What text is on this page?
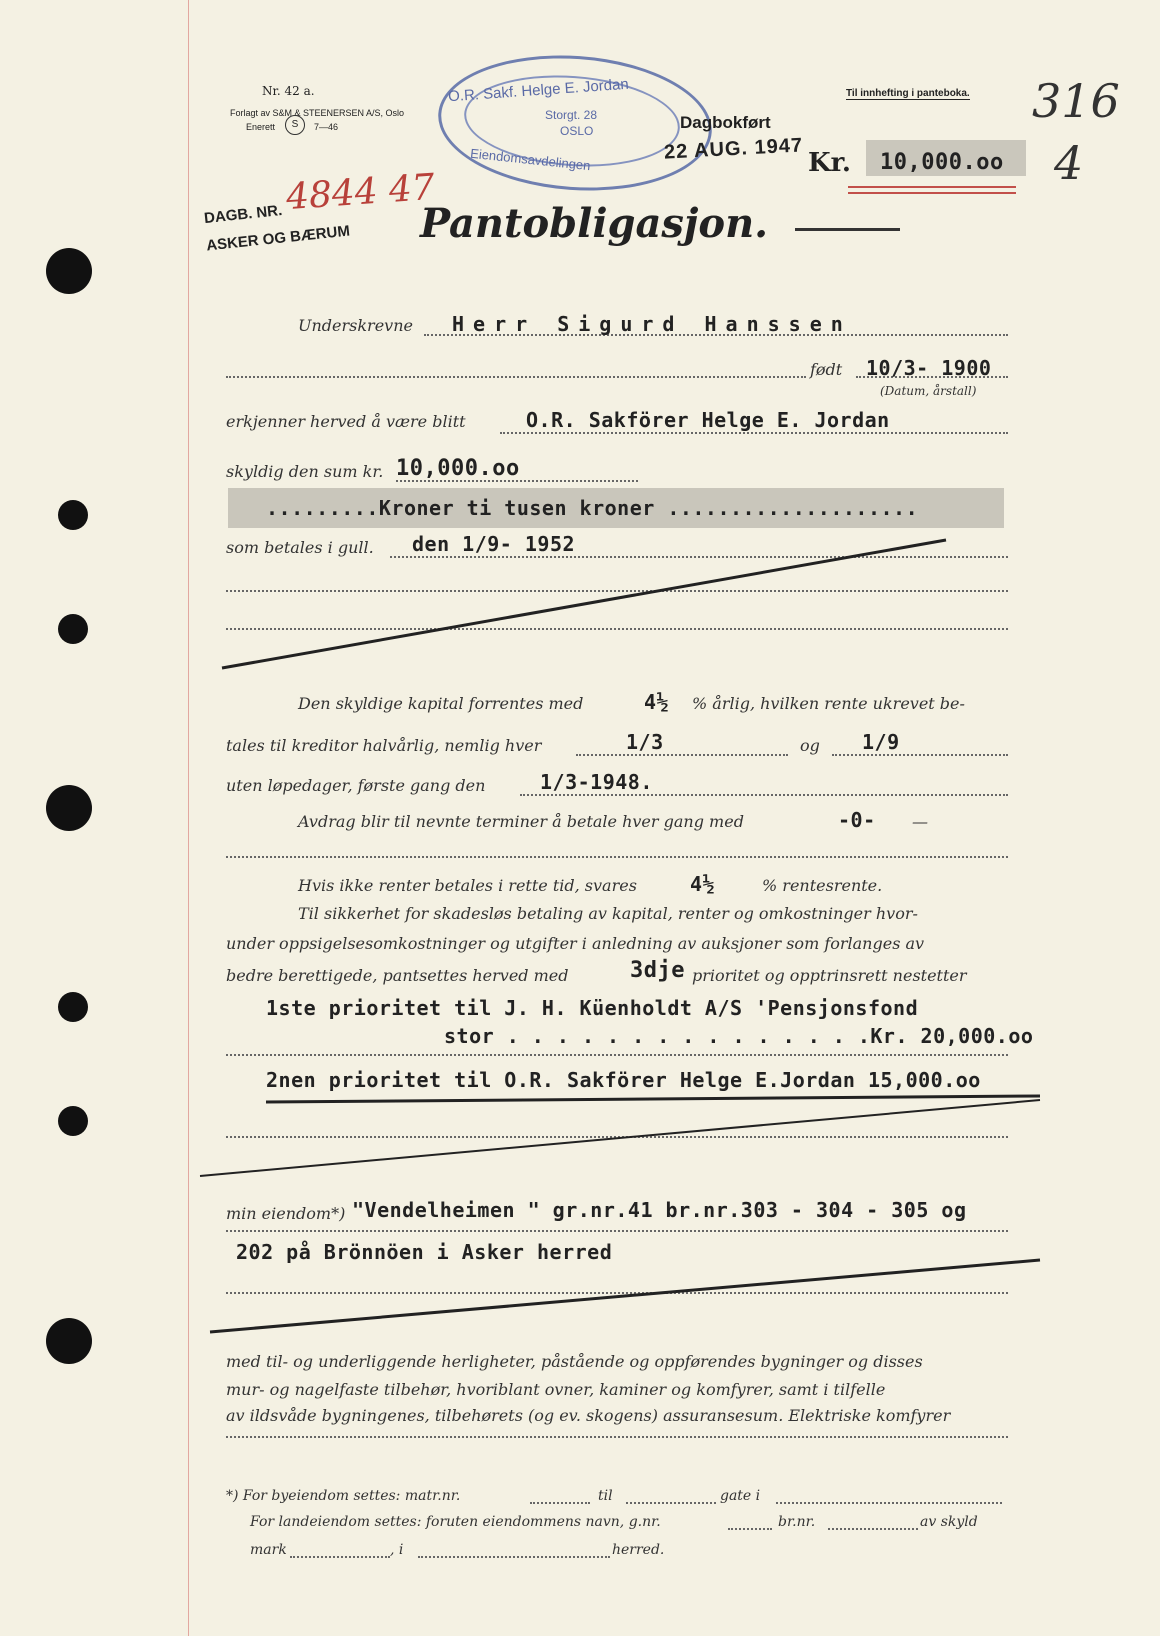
Nr. 42 a.
Forlagt av S&M & STEENERSEN A/S, Oslo
Enerett	S	7—46
O.R. Sakf. Helge E. Jordan
Storgt. 28
OSLO
Eiendomsavdelingen
Til innhefting i panteboka.
Dagbokført
22 AUG. 1947 Kr. 10,000.oo
316
4
DAGB. NR. 4844 47
ASKER OG BÆRUM Pantobligasjon.
Underskrevne Herr Sigurd Hanssen
født 10/3- 1900
(Datum, årstall)
erkjenner herved å være blitt	O.R. Sakförer Helge E. Jordan
skyldig den sum kr. 10,000.oo
.........Kroner ti tusen kroner ....................
som betales i gull. den 1/9- 1952
Den skyldige kapital forrentes med	4½ % årlig, hvilken rente ukrevet be-
tales til kreditor halvårlig, nemlig hver	1/3	og 1/9
uten løpedager, første gang den	1/3-1948.
Avdrag blir til nevnte terminer å betale hver gang med	-0- —
Hvis ikke renter betales i rette tid, svares	4½	% rentesrente.
Til sikkerhet for skadesløs betaling av kapital, renter og omkostninger hvor-
under oppsigelsesomkostninger og utgifter i anledning av auksjoner som forlanges av
bedre berettigede, pantsettes herved med	3dje prioritet og opptrinsrett nestetter
1ste prioritet til J. H. Küenholdt A/S 'Pensjonsfond
stor . . . . . . . . . . . . . . .Kr. 20,000.oo
2nen prioritet til O.R. Sakförer Helge E.Jordan 15,000.oo
min eiendom*) "Vendelheimen " gr.nr.41 br.nr.303 - 304 - 305 og
202 på Brönnöen i Asker herred
med til- og underliggende herligheter, påstående og oppførendes bygninger og disses
mur- og nagelfaste tilbehør, hvoriblant ovner, kaminer og komfyrer, samt i tilfelle
av ildsvåde bygningenes, tilbehørets (og ev. skogens) assuransesum. Elektriske komfyrer
*) For byeiendom settes: matr.nr.	til	gate i
For landeiendom settes: foruten eiendommens navn, g.nr.	br.nr.	av skyld
mark	, i	herred.
